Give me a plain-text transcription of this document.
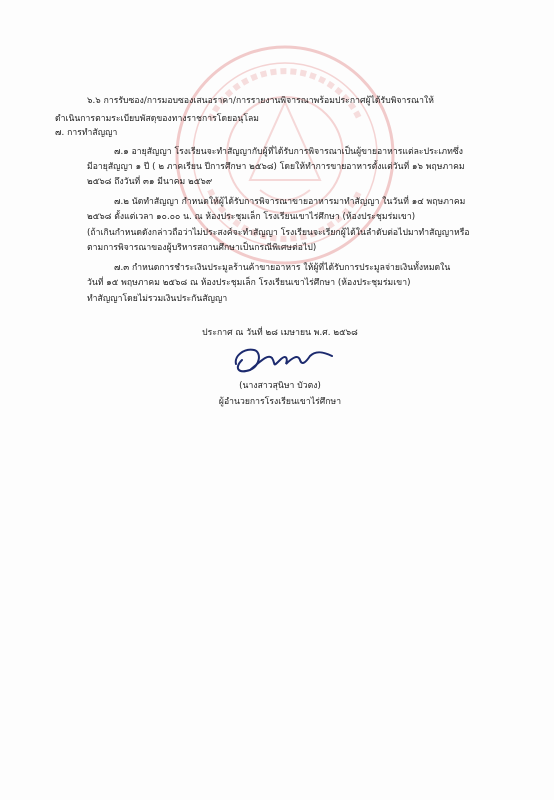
๖.๖ การรับซอง/การมอบซองเสนอราคา/การรายงานพิจารณาพร้อมประกาศผู้ได้รับพิจารณาให้
ดำเนินการตามระเบียบพัสดุของทางราชการโดยอนุโลม
๗. การทำสัญญา
๗.๑ อายุสัญญา โรงเรียนจะทำสัญญากับผู้ที่ได้รับการพิจารณาเป็นผู้ขายอาหารแต่ละประเภทซึ่ง
มีอายุสัญญา ๑ ปี ( ๒ ภาคเรียน ปีการศึกษา ๒๕๖๘) โดยให้ทำการขายอาหารตั้งแต่วันที่ ๑๖ พฤษภาคม
๒๕๖๘ ถึงวันที่ ๓๑ มีนาคม ๒๕๖๙
๗.๒ นัดทำสัญญา กำหนดให้ผู้ได้รับการพิจารณาขายอาหารมาทำสัญญา ในวันที่ ๑๔ พฤษภาคม
๒๕๖๘ ตั้งแต่เวลา ๑๐.๐๐ น. ณ ห้องประชุมเล็ก โรงเรียนเขาไร่ศึกษา (ห้องประชุมร่มเขา)
(ถ้าเกินกำหนดดังกล่าวถือว่าไม่ประสงค์จะทำสัญญา โรงเรียนจะเรียกผู้ได้ในลำดับต่อไปมาทำสัญญาหรือ
ตามการพิจารณาของผู้บริหารสถานศึกษาเป็นกรณีพิเศษต่อไป)
๗.๓ กำหนดการชำระเงินประมูลร้านค้าขายอาหาร ให้ผู้ที่ได้รับการประมูลจ่ายเงินทั้งหมดใน
วันที่ ๑๕ พฤษภาคม ๒๕๖๘ ณ ห้องประชุมเล็ก โรงเรียนเขาไร่ศึกษา (ห้องประชุมร่มเขา)
ทำสัญญาโดยไม่รวมเงินประกันสัญญา
ประกาศ ณ วันที่ ๒๘ เมษายน พ.ศ. ๒๕๖๘
(นางสาวสุนิษา บัวตง)
ผู้อำนวยการโรงเรียนเขาไร่ศึกษา
